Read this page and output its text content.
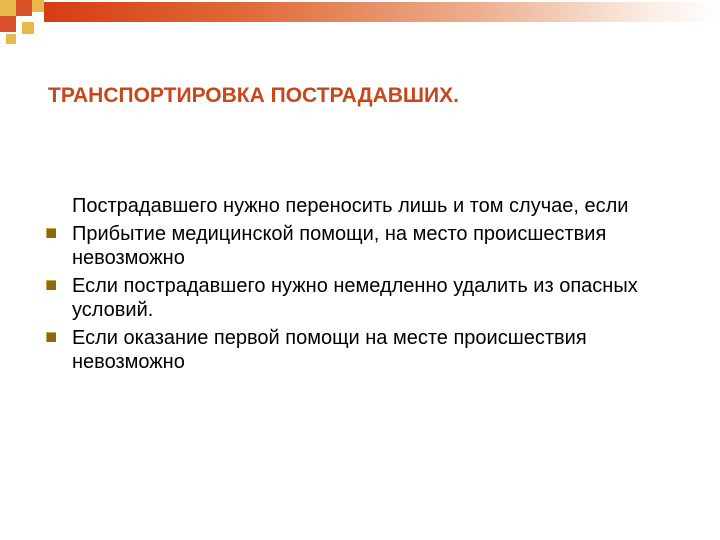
ТРАНСПОРТИРОВКА ПОСТРАДАВШИХ.
Пострадавшего нужно переносить лишь и том случае, если
Прибытие медицинской помощи, на место происшествия невозможно
Если пострадавшего нужно немедленно удалить из опасных условий.
Если оказание первой помощи на месте происшествия невозможно
